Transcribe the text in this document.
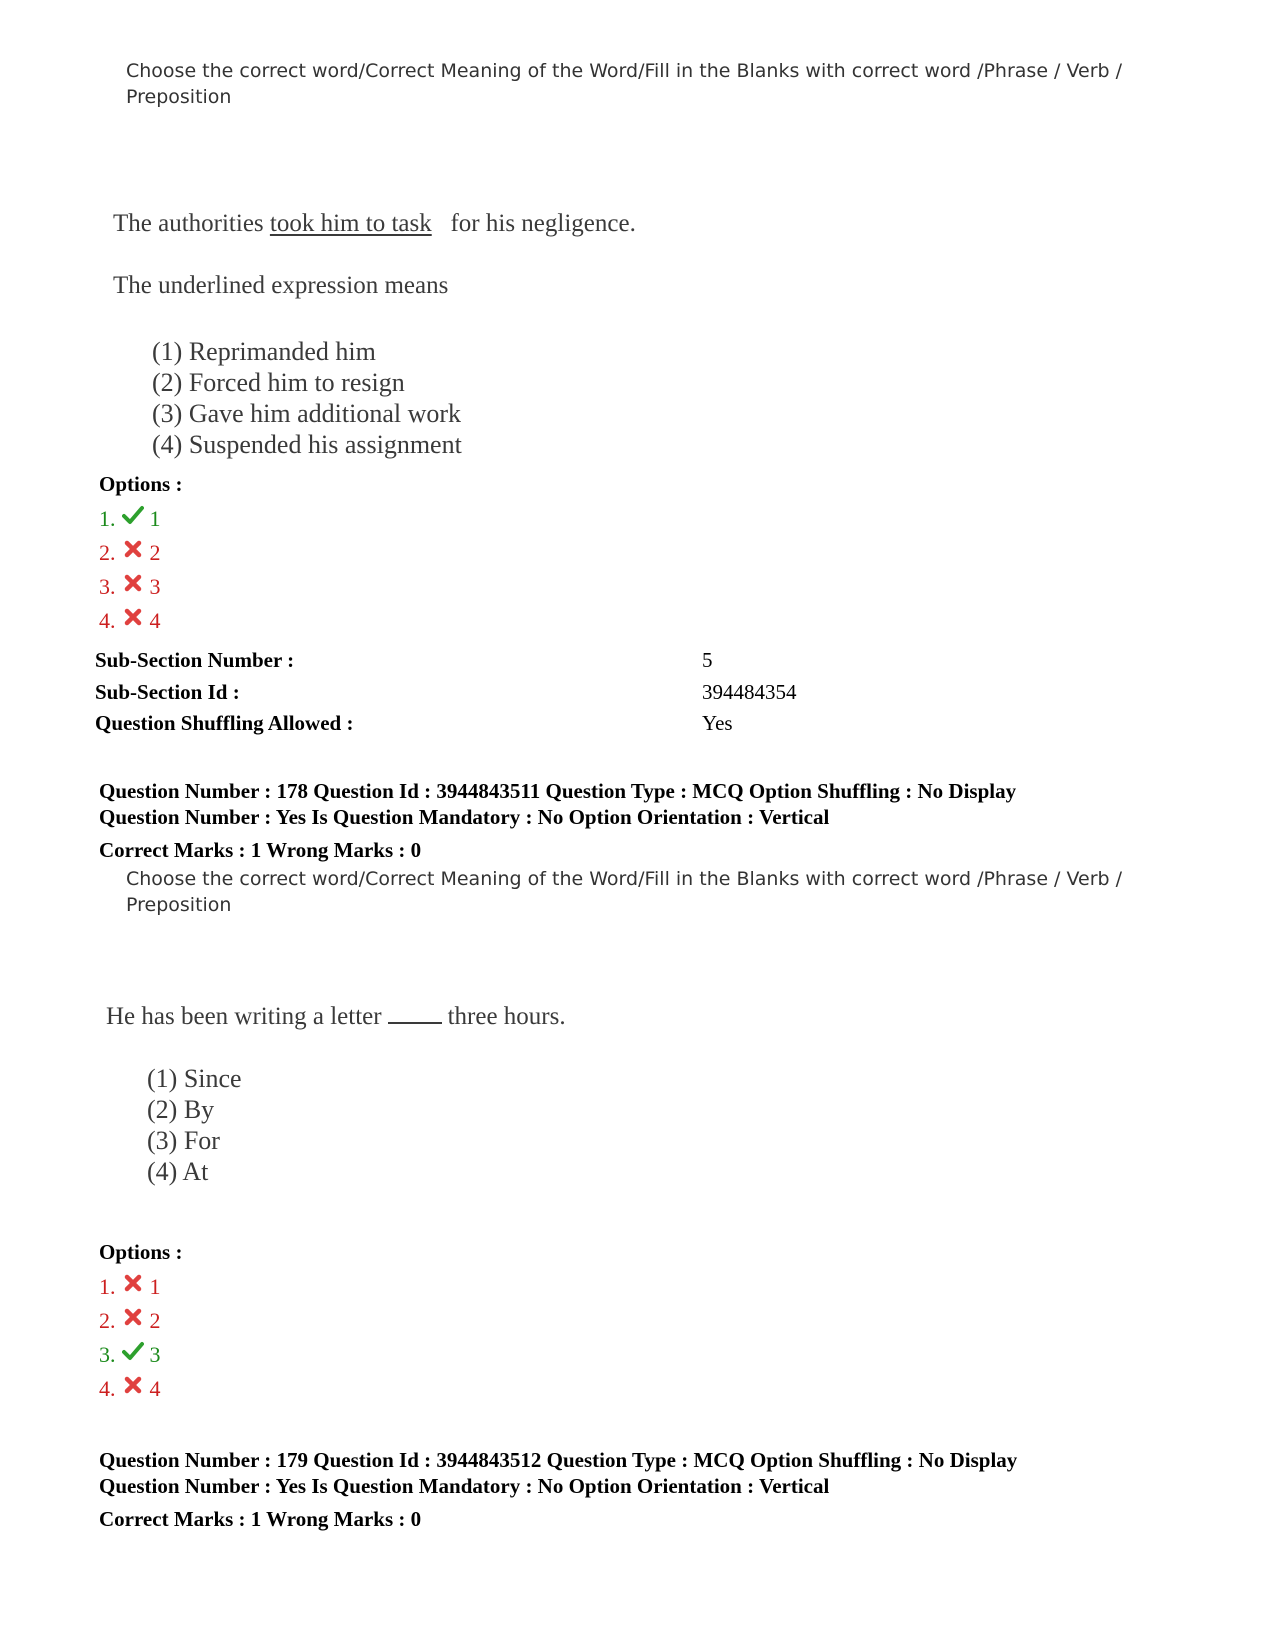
Choose the correct word/Correct Meaning of the Word/Fill in the Blanks with correct word /Phrase / Verb /
Preposition
The authorities took him to task for his negligence.
The underlined expression means
(1) Reprimanded him
(2) Forced him to resign
(3) Gave him additional work
(4) Suspended his assignment
Options :
1. 1
2. 2
3. 3
4. 4
Sub-Section Number :	5
Sub-Section Id :	394484354
Question Shuffling Allowed :	Yes
Question Number : 178 Question Id : 3944843511 Question Type : MCQ Option Shuffling : No Display
Question Number : Yes Is Question Mandatory : No Option Orientation : Vertical
Correct Marks : 1 Wrong Marks : 0
Choose the correct word/Correct Meaning of the Word/Fill in the Blanks with correct word /Phrase / Verb /
Preposition
He has been writing a letter	three hours.
(1) Since
(2) By
(3) For
(4) At
Options :
1. 1
2. 2
3. 3
4. 4
Question Number : 179 Question Id : 3944843512 Question Type : MCQ Option Shuffling : No Display
Question Number : Yes Is Question Mandatory : No Option Orientation : Vertical
Correct Marks : 1 Wrong Marks : 0
